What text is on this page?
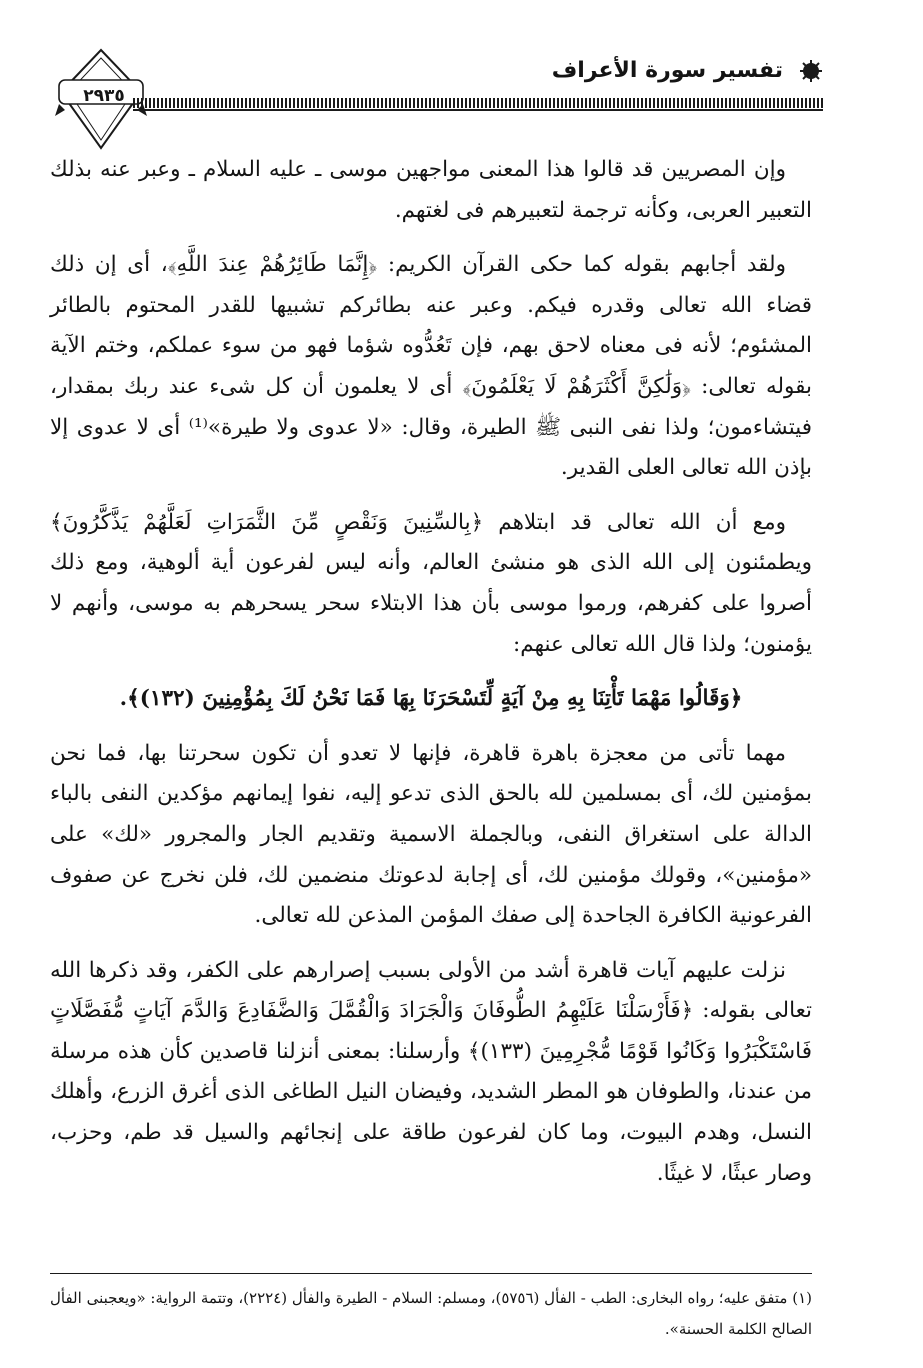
٢٩٣٥
تفسير سورة الأعراف

وإن المصريين قد قالوا هذا المعنى مواجهين موسى ـ عليه السلام ـ وعبر عنه بذلك التعبير العربى، وكأنه ترجمة لتعبيرهم فى لغتهم.

ولقد أجابهم بقوله كما حكى القرآن الكريم: ﴿إِنَّمَا طَائِرُهُمْ عِندَ اللَّهِ﴾، أى إن ذلك قضاء الله تعالى وقدره فيكم. وعبر عنه بطائركم تشبيها للقدر المحتوم بالطائر المشئوم؛ لأنه فى معناه لاحق بهم، فإن تَعُدُّوه شؤما فهو من سوء عملكم، وختم الآية بقوله تعالى: ﴿وَلَٰكِنَّ أَكْثَرَهُمْ لَا يَعْلَمُونَ﴾ أى لا يعلمون أن كل شىء عند ربك بمقدار، فيتشاءمون؛ ولذا نفى النبى ﷺ الطيرة، وقال: «لا عدوى ولا طيرة»⁽¹⁾ أى لا عدوى إلا بإذن الله تعالى العلى القدير.

ومع أن الله تعالى قد ابتلاهم ﴿بِالسِّنِينَ وَنَقْصٍ مِّنَ الثَّمَرَاتِ لَعَلَّهُمْ يَذَّكَّرُونَ﴾ ويطمئنون إلى الله الذى هو منشئ العالم، وأنه ليس لفرعون أية ألوهية، ومع ذلك أصروا على كفرهم، ورموا موسى بأن هذا الابتلاء سحر يسحرهم به موسى، وأنهم لا يؤمنون؛ ولذا قال الله تعالى عنهم:

﴿وَقَالُوا مَهْمَا تَأْتِنَا بِهِ مِنْ آيَةٍ لِّتَسْحَرَنَا بِهَا فَمَا نَحْنُ لَكَ بِمُؤْمِنِينَ (١٣٢)﴾.

مهما تأتى من معجزة باهرة قاهرة، فإنها لا تعدو أن تكون سحرتنا بها، فما نحن بمؤمنين لك، أى بمسلمين لله بالحق الذى تدعو إليه، نفوا إيمانهم مؤكدين النفى بالباء الدالة على استغراق النفى، وبالجملة الاسمية وتقديم الجار والمجرور «لك» على «مؤمنين»، وقولك مؤمنين لك، أى إجابة لدعوتك منضمين لك، فلن نخرج عن صفوف الفرعونية الكافرة الجاحدة إلى صفك المؤمن المذعن لله تعالى.

نزلت عليهم آيات قاهرة أشد من الأولى بسبب إصرارهم على الكفر، وقد ذكرها الله تعالى بقوله: ﴿فَأَرْسَلْنَا عَلَيْهِمُ الطُّوفَانَ وَالْجَرَادَ وَالْقُمَّلَ وَالضَّفَادِعَ وَالدَّمَ آيَاتٍ مُّفَصَّلَاتٍ فَاسْتَكْبَرُوا وَكَانُوا قَوْمًا مُّجْرِمِينَ (١٣٣)﴾ وأرسلنا: بمعنى أنزلنا قاصدين كأن هذه مرسلة من عندنا، والطوفان هو المطر الشديد، وفيضان النيل الطاغى الذى أغرق الزرع، وأهلك النسل، وهدم البيوت، وما كان لفرعون طاقة على إنجائهم والسيل قد طم، وحزب، وصار عبثًا، لا غيثًا.

(١) متفق عليه؛ رواه البخارى: الطب - الفأل (٥٧٥٦)، ومسلم: السلام - الطيرة والفأل (٢٢٢٤)، وتتمة الرواية: «ويعجبنى الفأل الصالح الكلمة الحسنة».
